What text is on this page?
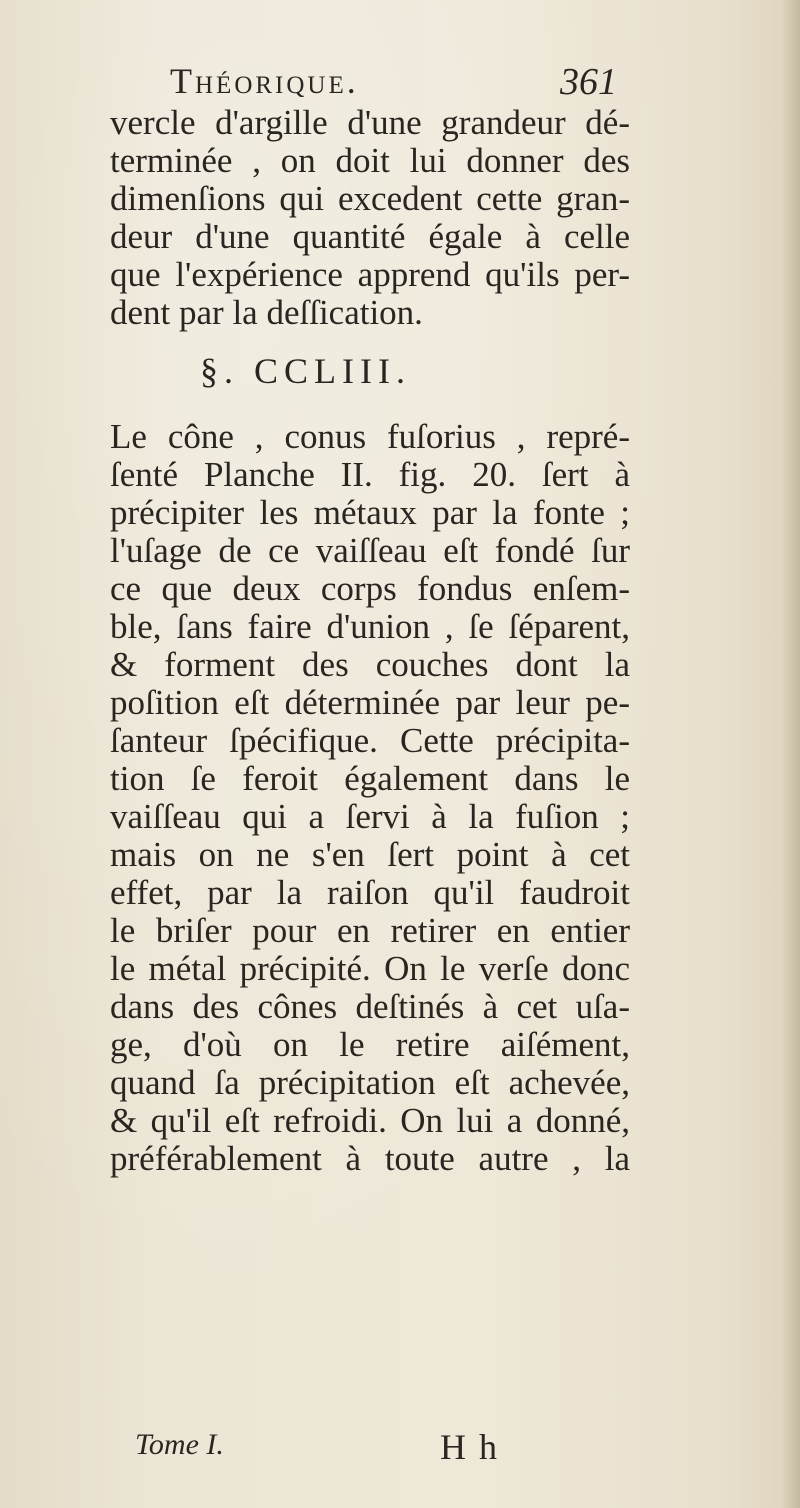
Théorique.	361
vercle d'argille d'une grandeur dé-
terminée , on doit lui donner des
dimenſions qui excedent cette gran-
deur d'une quantité égale à celle
que l'expérience apprend qu'ils per-
dent par la deſſication.
§. CCLIII.
Le cône , conus fuſorius , repré-
ſenté Planche II. fig. 20. ſert à
précipiter les métaux par la fonte ;
l'uſage de ce vaiſſeau eſt fondé ſur
ce que deux corps fondus enſem-
ble, ſans faire d'union , ſe ſéparent,
& forment des couches dont la
poſition eſt déterminée par leur pe-
ſanteur ſpécifique. Cette précipita-
tion ſe feroit également dans le
vaiſſeau qui a ſervi à la fuſion ;
mais on ne s'en ſert point à cet
effet, par la raiſon qu'il faudroit
le briſer pour en retirer en entier
le métal précipité. On le verſe donc
dans des cônes deſtinés à cet uſa-
ge, d'où on le retire aiſément,
quand ſa précipitation eſt achevée,
& qu'il eſt refroidi. On lui a donné,
préférablement à toute autre , la
Tome I.	H h
